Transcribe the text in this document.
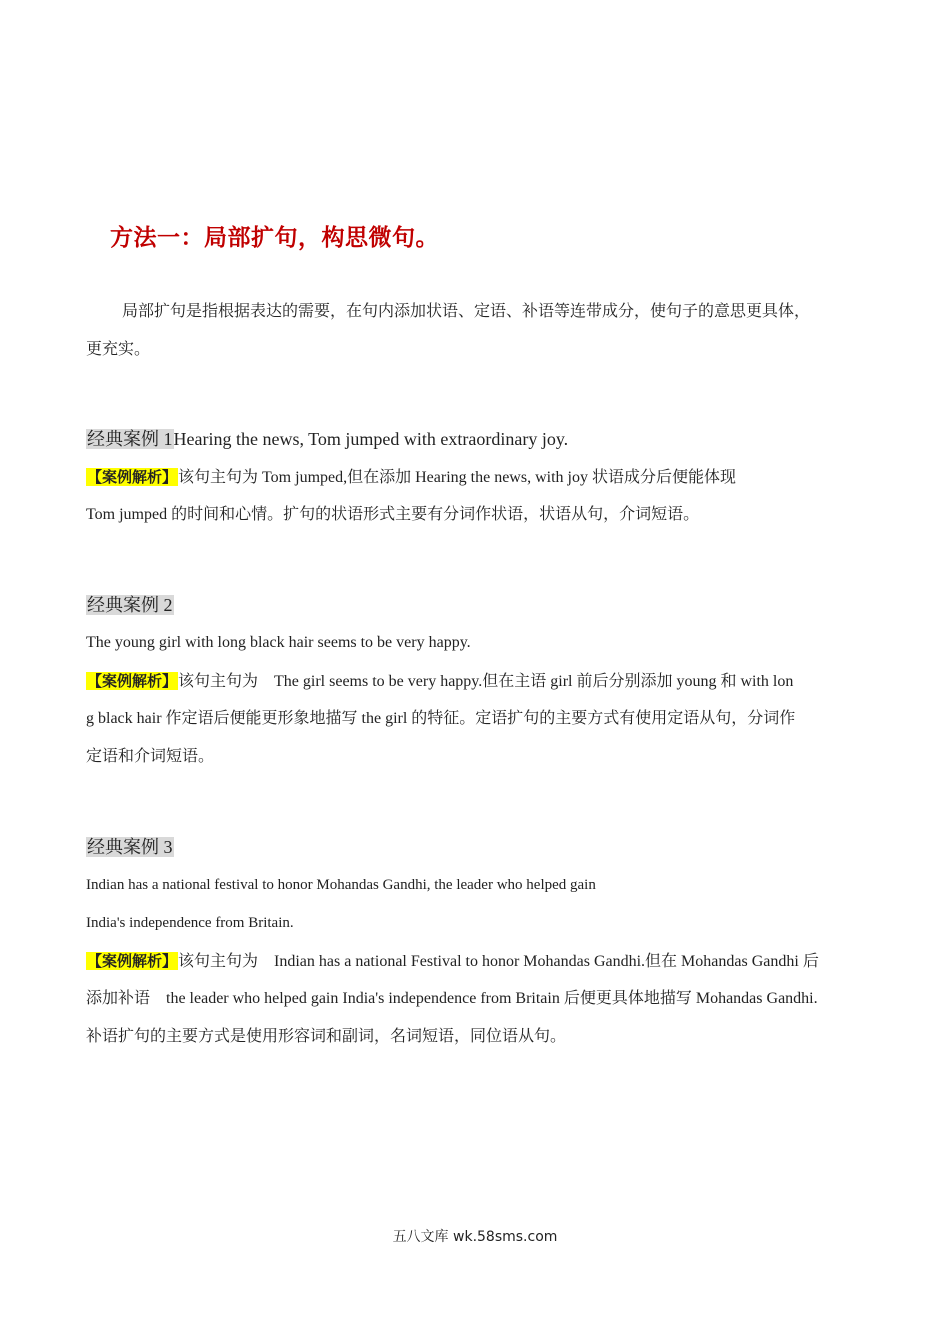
方法一：局部扩句，构思微句。
局部扩句是指根据表达的需要，在句内添加状语、定语、补语等连带成分，使句子的意思更具体，
更充实。
经典案例 1Hearing the news, Tom jumped with extraordinary joy.
【案例解析】该句主句为 Tom jumped,但在添加 Hearing the news, with joy 状语成分后便能体现
Tom jumped 的时间和心情。扩句的状语形式主要有分词作状语，状语从句，介词短语。
经典案例 2
The young girl with long black hair seems to be very happy.
【案例解析】该句主句为　The girl seems to be very happy.但在主语 girl 前后分别添加 young 和 with lon
g black hair 作定语后便能更形象地描写 the girl 的特征。定语扩句的主要方式有使用定语从句，分词作
定语和介词短语。
经典案例 3
Indian has a national festival to honor Mohandas Gandhi, the leader who helped gain
India's independence from Britain.
【案例解析】该句主句为　Indian has a national Festival to honor Mohandas Gandhi.但在 Mohandas Gandhi 后
添加补语　the leader who helped gain India's independence from Britain 后便更具体地描写 Mohandas Gandhi.
补语扩句的主要方式是使用形容词和副词，名词短语，同位语从句。
五八文库 wk.58sms.com
